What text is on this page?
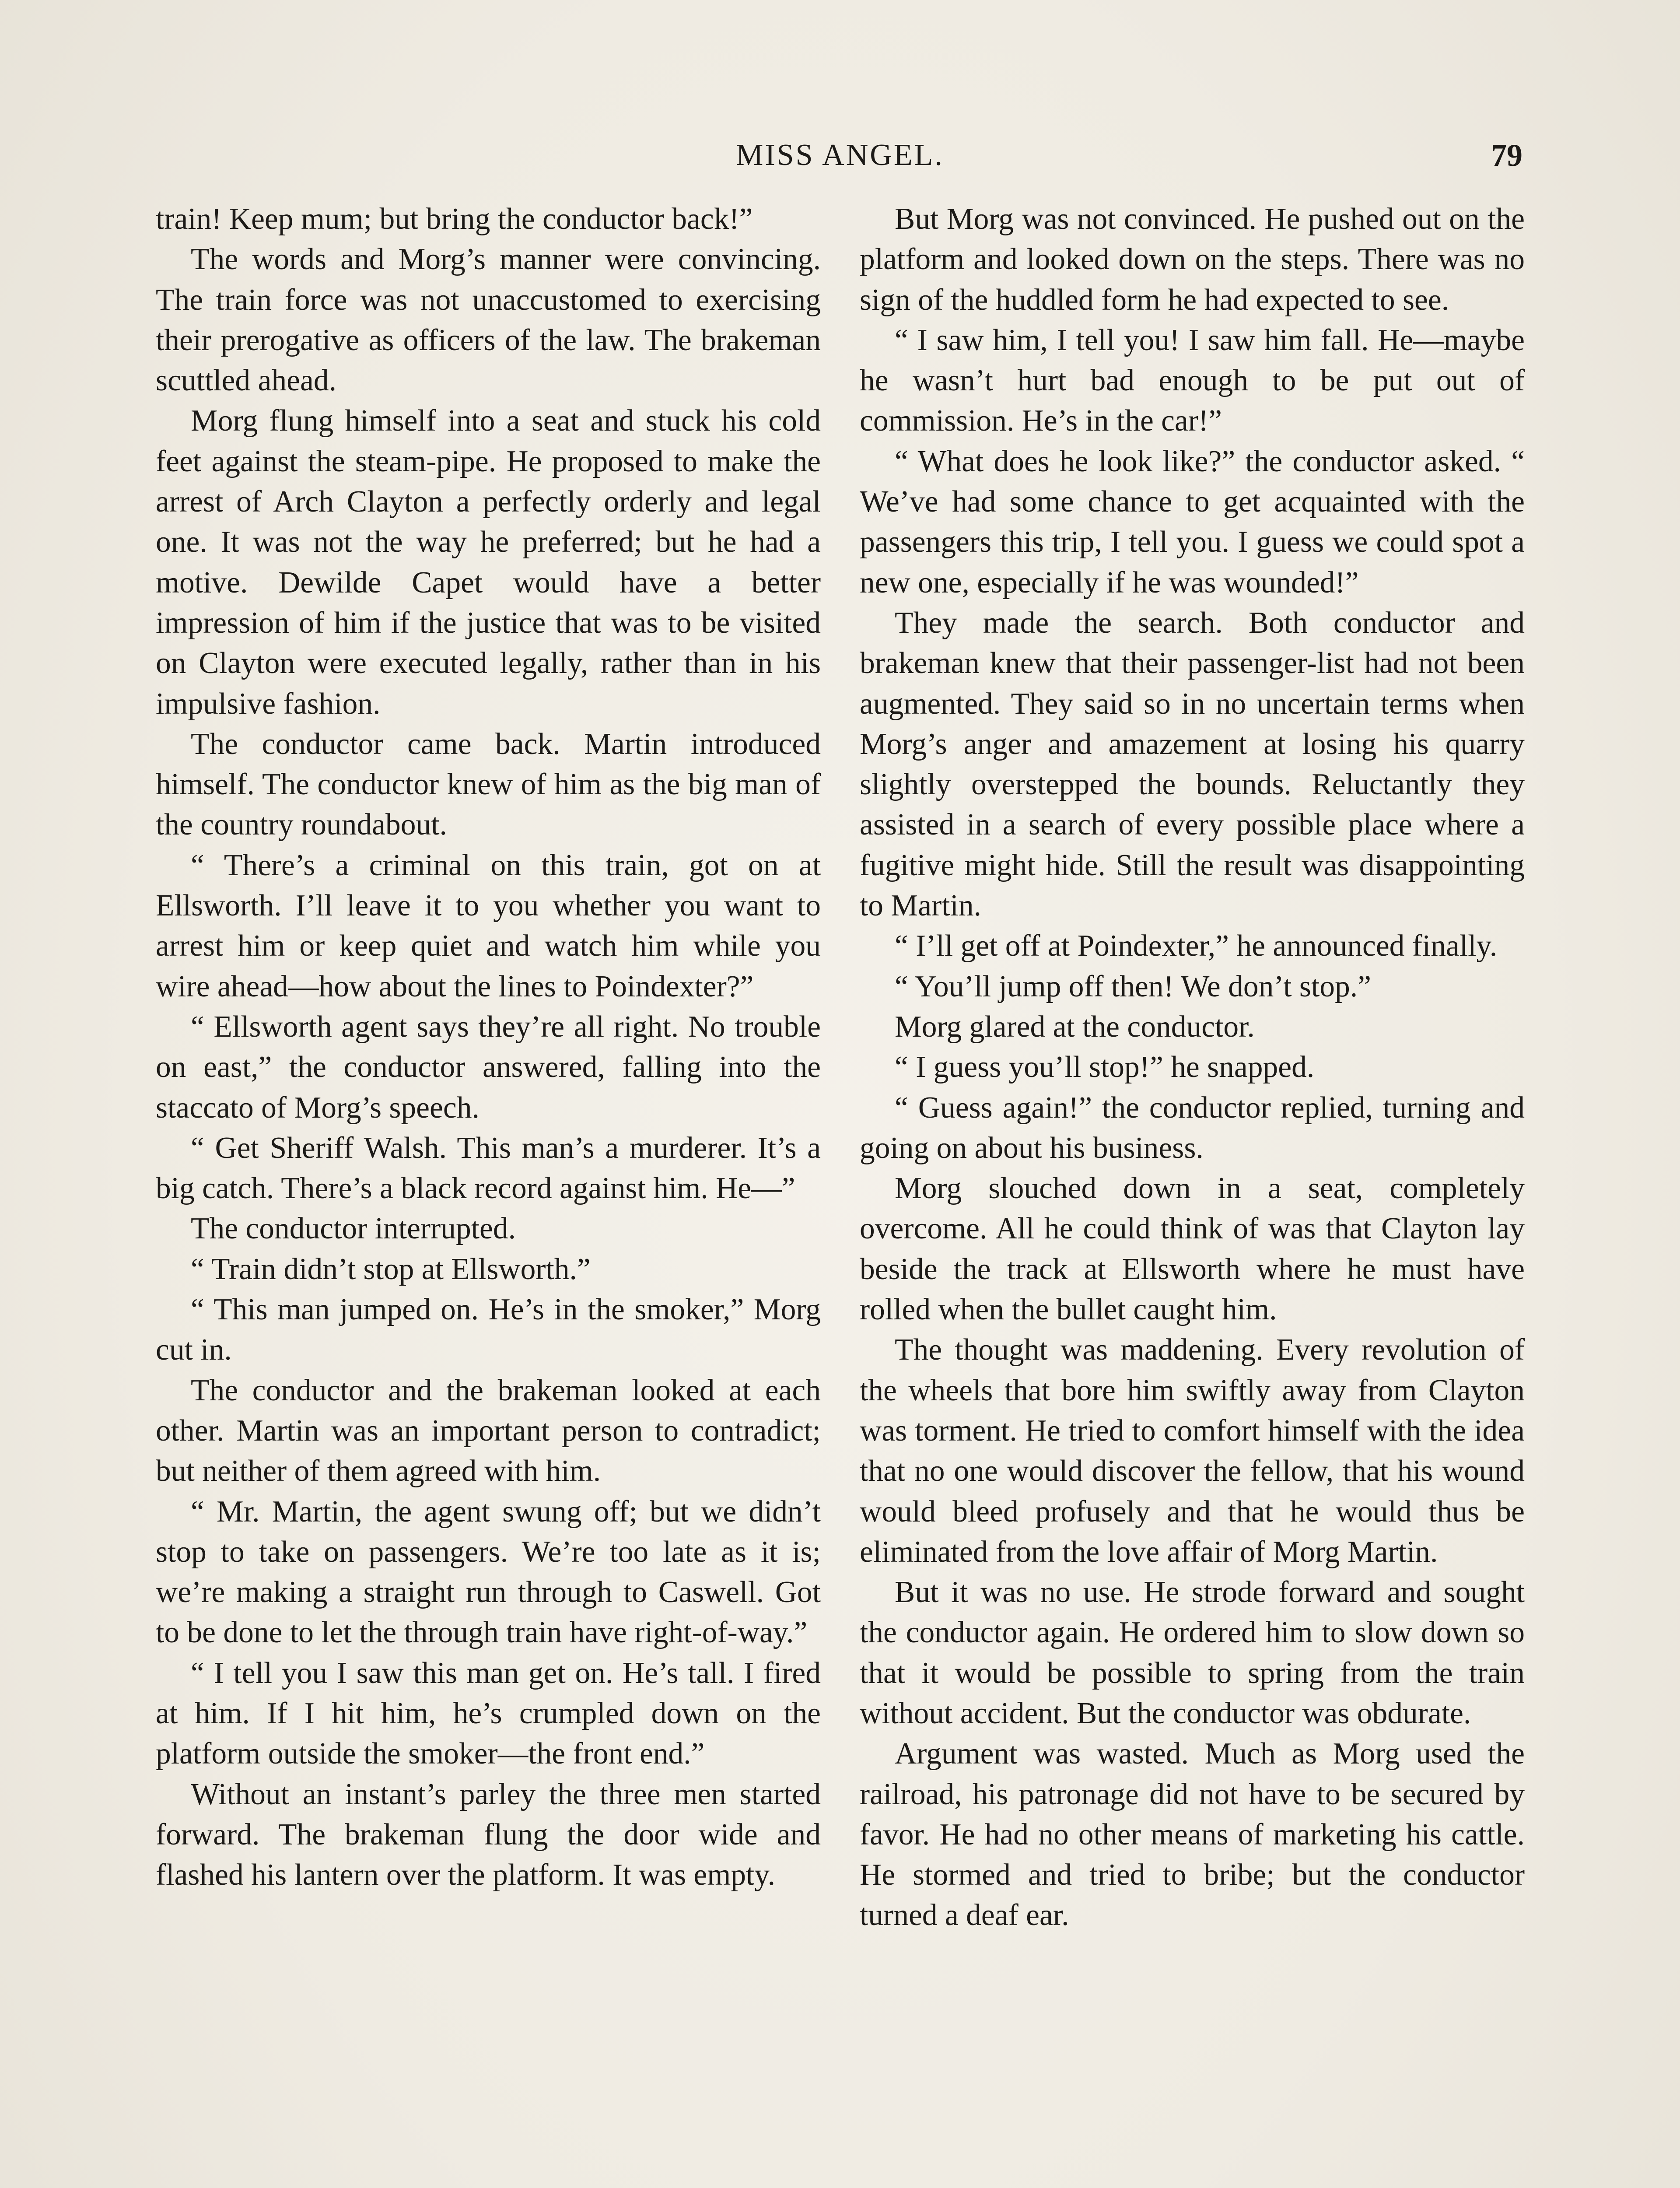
MISS ANGEL.	79

train! Keep mum; but bring the conductor back!”

The words and Morg’s manner were convincing. The train force was not unaccustomed to exercising their prerogative as officers of the law. The brakeman scuttled ahead.

Morg flung himself into a seat and stuck his cold feet against the steam-pipe. He proposed to make the arrest of Arch Clayton a perfectly orderly and legal one. It was not the way he preferred; but he had a motive. Dewilde Capet would have a better impression of him if the justice that was to be visited on Clayton were executed legally, rather than in his impulsive fashion.

The conductor came back. Martin introduced himself. The conductor knew of him as the big man of the country roundabout.

“ There’s a criminal on this train, got on at Ellsworth. I’ll leave it to you whether you want to arrest him or keep quiet and watch him while you wire ahead—how about the lines to Poindexter?”

“ Ellsworth agent says they’re all right. No trouble on east,” the conductor answered, falling into the staccato of Morg’s speech.

“ Get Sheriff Walsh. This man’s a murderer. It’s a big catch. There’s a black record against him. He—”

The conductor interrupted.

“ Train didn’t stop at Ellsworth.”

“ This man jumped on. He’s in the smoker,” Morg cut in.

The conductor and the brakeman looked at each other. Martin was an important person to contradict; but neither of them agreed with him.

“ Mr. Martin, the agent swung off; but we didn’t stop to take on passengers. We’re too late as it is; we’re making a straight run through to Caswell. Got to be done to let the through train have right-of-way.”

“ I tell you I saw this man get on. He’s tall. I fired at him. If I hit him, he’s crumpled down on the platform outside the smoker—the front end.”

Without an instant’s parley the three men started forward. The brakeman flung the door wide and flashed his lantern over the platform. It was empty.

But Morg was not convinced. He pushed out on the platform and looked down on the steps. There was no sign of the huddled form he had expected to see.

“ I saw him, I tell you! I saw him fall. He—maybe he wasn’t hurt bad enough to be put out of commission. He’s in the car!”

“ What does he look like?” the conductor asked. “ We’ve had some chance to get acquainted with the passengers this trip, I tell you. I guess we could spot a new one, especially if he was wounded!”

They made the search. Both conductor and brakeman knew that their passenger-list had not been augmented. They said so in no uncertain terms when Morg’s anger and amazement at losing his quarry slightly overstepped the bounds. Reluctantly they assisted in a search of every possible place where a fugitive might hide. Still the result was disappointing to Martin.

“ I’ll get off at Poindexter,” he announced finally.

“ You’ll jump off then! We don’t stop.”

Morg glared at the conductor.

“ I guess you’ll stop!” he snapped.

“ Guess again!” the conductor replied, turning and going on about his business.

Morg slouched down in a seat, completely overcome. All he could think of was that Clayton lay beside the track at Ellsworth where he must have rolled when the bullet caught him.

The thought was maddening. Every revolution of the wheels that bore him swiftly away from Clayton was torment. He tried to comfort himself with the idea that no one would discover the fellow, that his wound would bleed profusely and that he would thus be eliminated from the love affair of Morg Martin.

But it was no use. He strode forward and sought the conductor again. He ordered him to slow down so that it would be possible to spring from the train without accident. But the conductor was obdurate.

Argument was wasted. Much as Morg used the railroad, his patronage did not have to be secured by favor. He had no other means of marketing his cattle. He stormed and tried to bribe; but the conductor turned a deaf ear.
